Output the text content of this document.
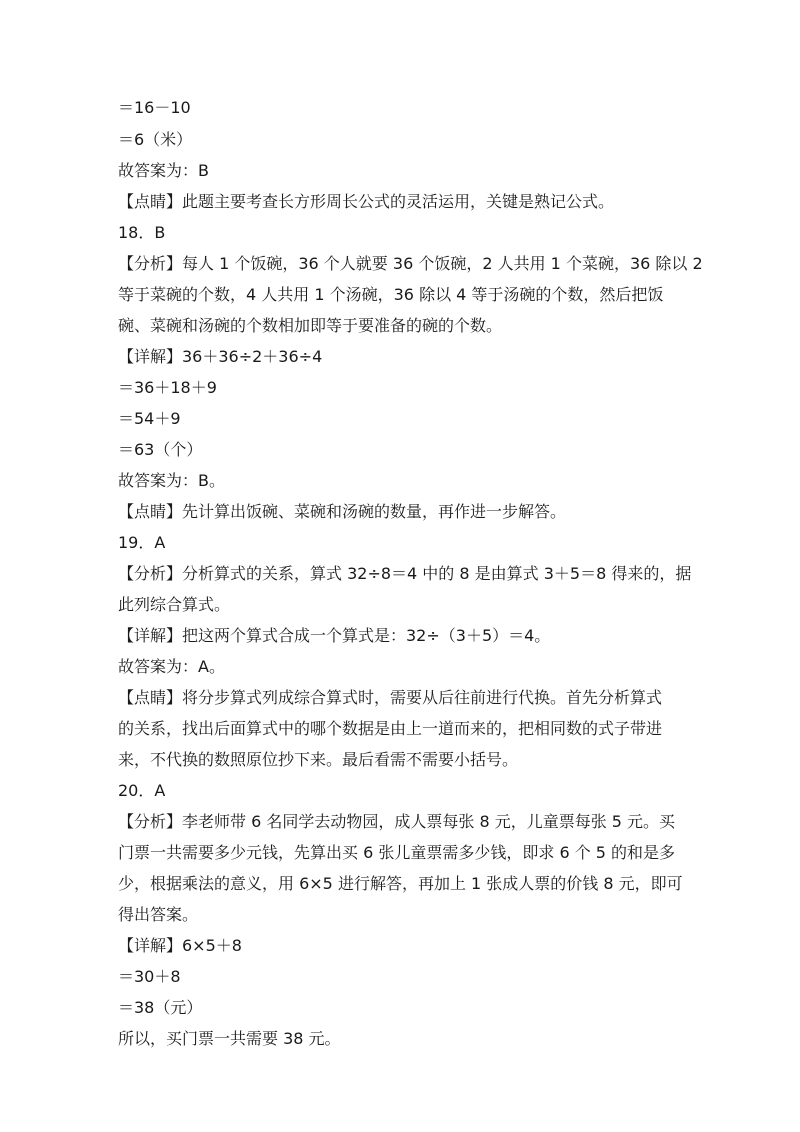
＝16－10
＝6（米）
故答案为：B
【点睛】此题主要考查长方形周长公式的灵活运用，关键是熟记公式。
18．B
【分析】每人 1 个饭碗，36 个人就要 36 个饭碗，2 人共用 1 个菜碗，36 除以 2
等于菜碗的个数，4 人共用 1 个汤碗，36 除以 4 等于汤碗的个数，然后把饭
碗、菜碗和汤碗的个数相加即等于要准备的碗的个数。
【详解】36＋36÷2＋36÷4
＝36＋18＋9
＝54＋9
＝63（个）
故答案为：B。
【点睛】先计算出饭碗、菜碗和汤碗的数量，再作进一步解答。
19．A
【分析】分析算式的关系，算式 32÷8＝4 中的 8 是由算式 3＋5＝8 得来的，据
此列综合算式。
【详解】把这两个算式合成一个算式是：32÷（3＋5）＝4。
故答案为：A。
【点睛】将分步算式列成综合算式时，需要从后往前进行代换。首先分析算式
的关系，找出后面算式中的哪个数据是由上一道而来的，把相同数的式子带进
来，不代换的数照原位抄下来。最后看需不需要小括号。
20．A
【分析】李老师带 6 名同学去动物园，成人票每张 8 元，儿童票每张 5 元。买
门票一共需要多少元钱，先算出买 6 张儿童票需多少钱，即求 6 个 5 的和是多
少，根据乘法的意义，用 6×5 进行解答，再加上 1 张成人票的价钱 8 元，即可
得出答案。
【详解】6×5＋8
＝30＋8
＝38（元）
所以，买门票一共需要 38 元。
